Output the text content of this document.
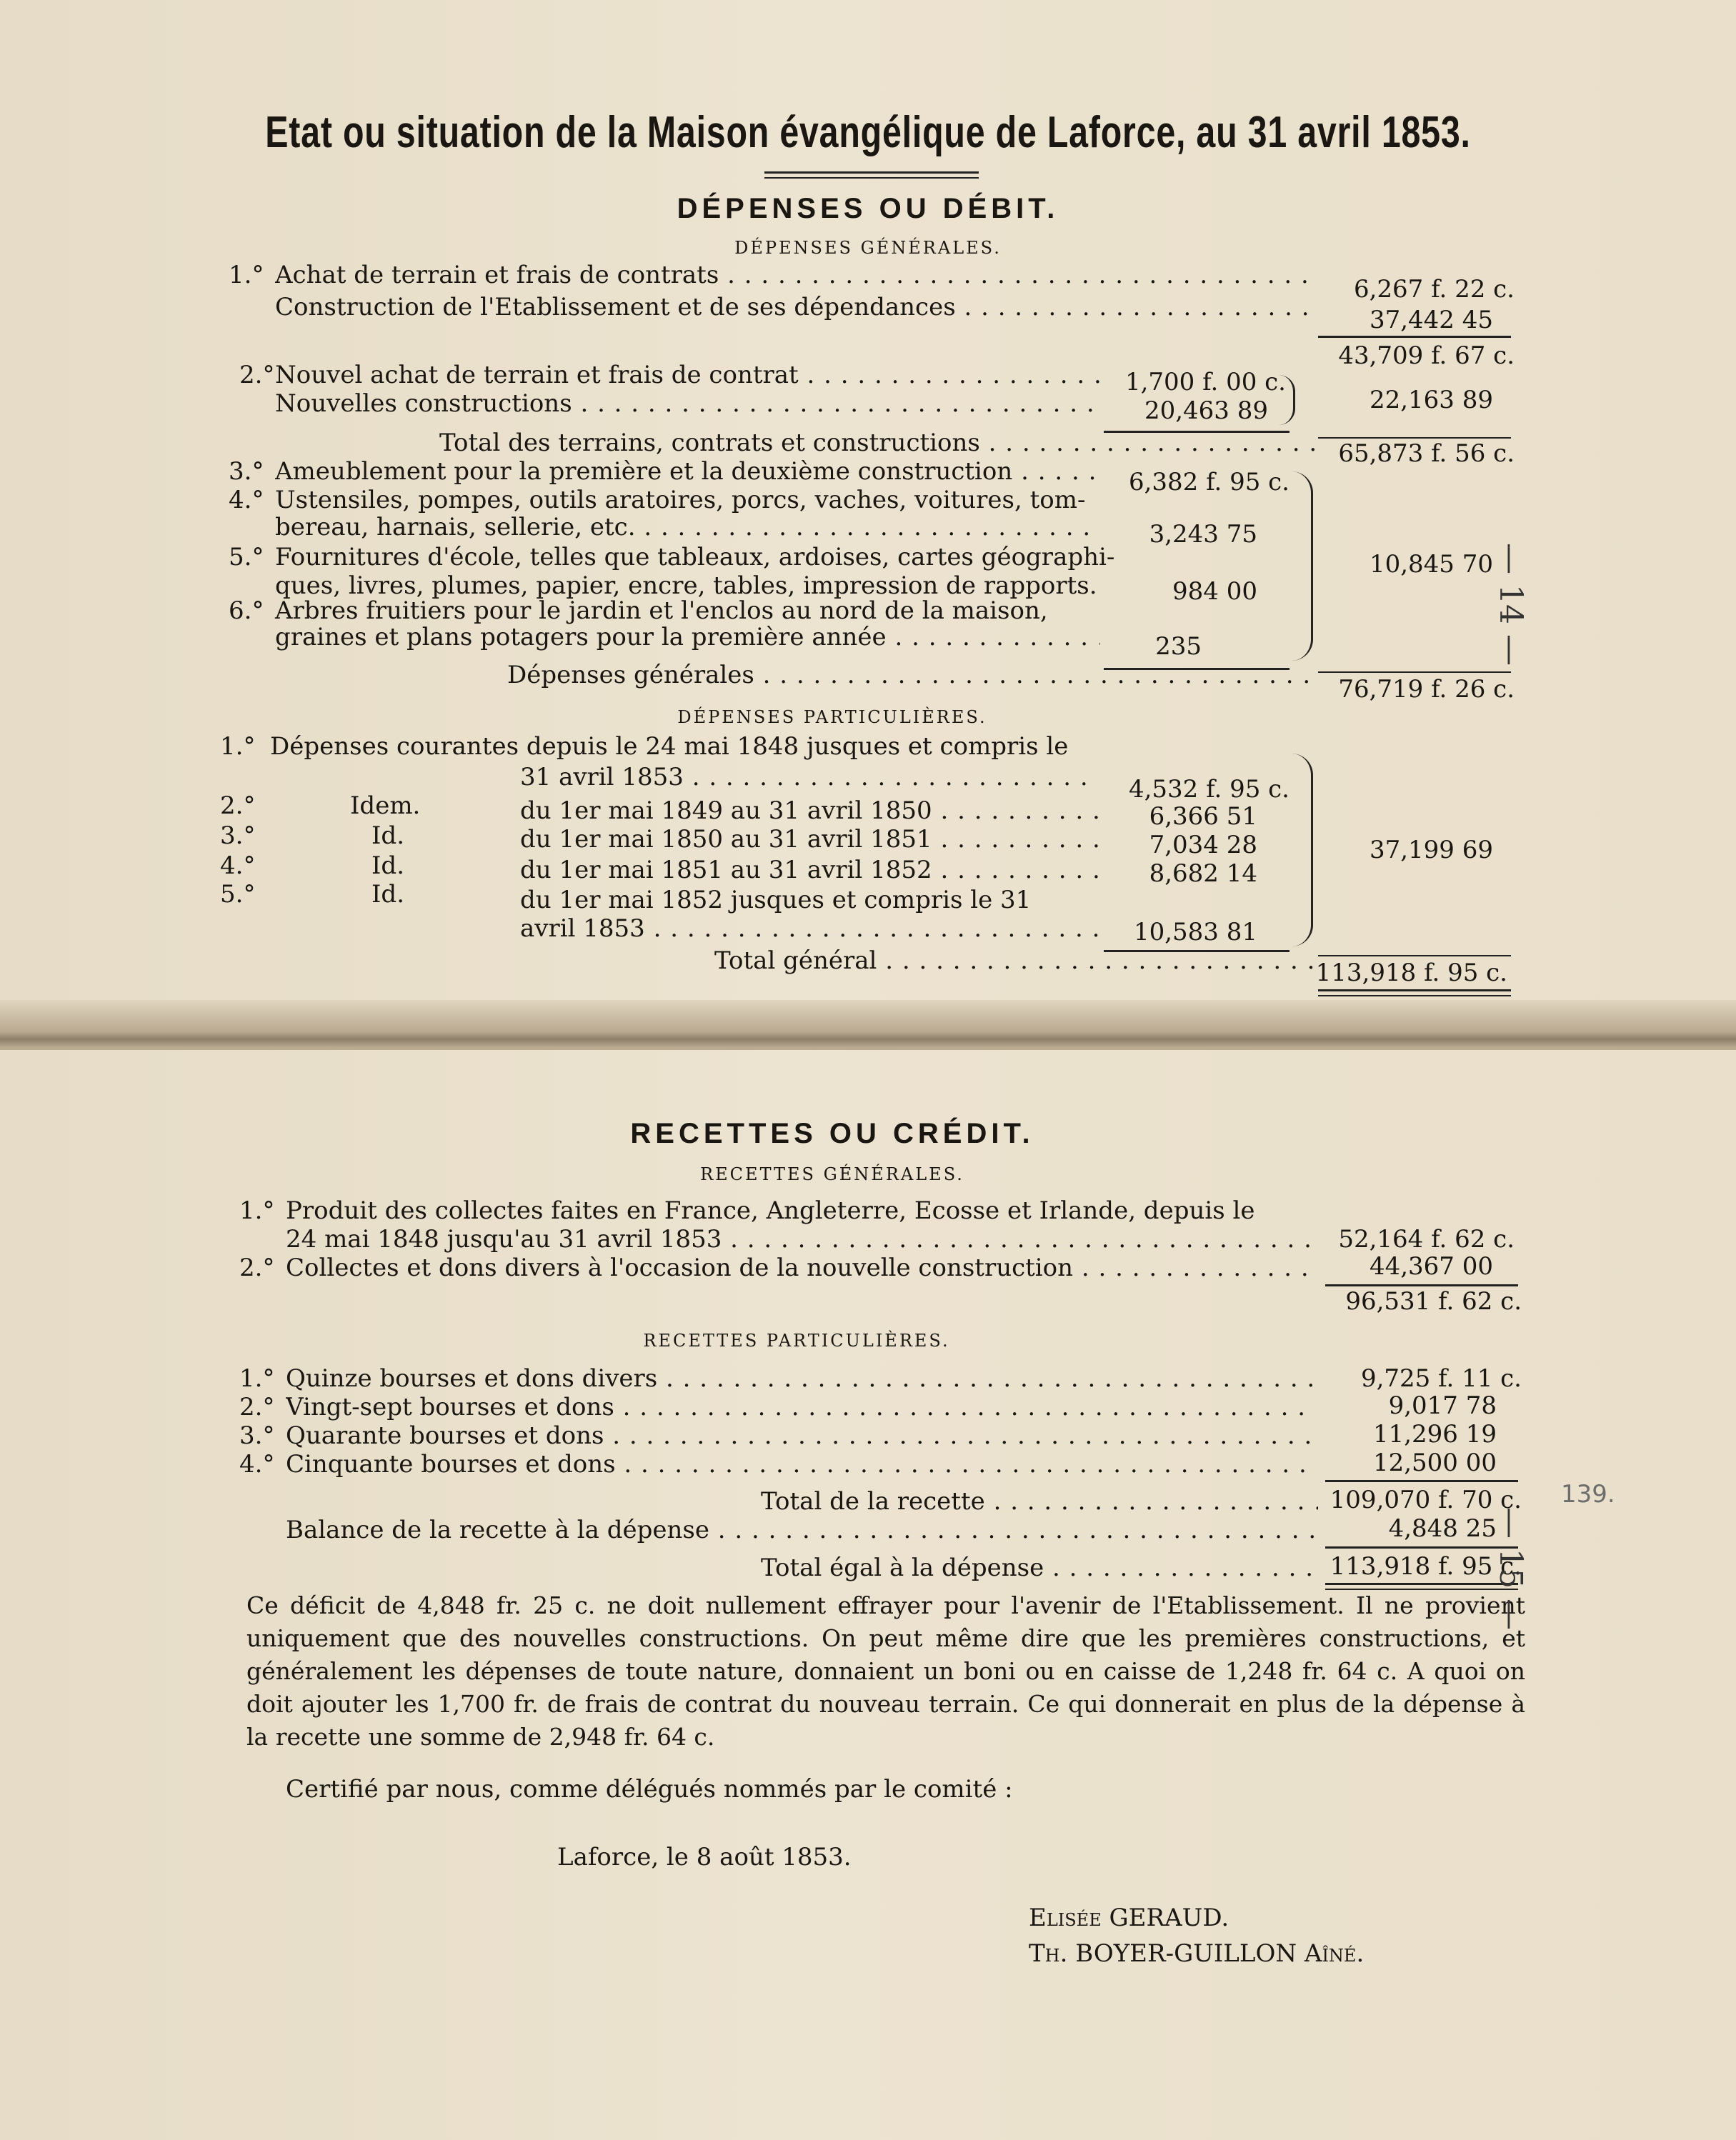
Etat ou situation de la Maison évangélique de Laforce, au 31 avril 1853.
DÉPENSES OU DÉBIT.
DÉPENSES GÉNÉRALES.
1.° Achat de terrain et frais de contrats . . .	6,267 f. 22 c.
Construction de l'Etablissement et de ses dépendances . . .	37,442 45
43,709 f. 67 c.
2.° Nouvel achat de terrain et frais de contrat . . .	1,700 f. 00 c.
Nouvelles constructions . . .	20,463 89	22,163 89
Total des terrains, contrats et constructions . . .	65,873 f. 56 c.
3.° Ameublement pour la première et la deuxième construction . . .	6,382 f. 95 c.
4.° Ustensiles, pompes, outils aratoires, porcs, vaches, voitures, tom-
bereau, harnais, sellerie, etc. . . .	3,243 75
5.° Fournitures d'école, telles que tableaux, ardoises, cartes géographi-
ques, livres, plumes, papier, encre, tables, impression de rapports.	984 00
6.° Arbres fruitiers pour le jardin et l'enclos au nord de la maison,
graines et plans potagers pour la première année . . .	235
10,845 70
Dépenses générales . . .	76,719 f. 26 c.
DÉPENSES PARTICULIÈRES.
1.° Dépenses courantes depuis le 24 mai 1848 jusques et compris le
31 avril 1853 . . .	4,532 f. 95 c.
2.°	Idem.	du 1er mai 1849 au 31 avril 1850 . . .	6,366 51
3.°	Id.	du 1er mai 1850 au 31 avril 1851 . . .	7,034 28
4.°	Id.	du 1er mai 1851 au 31 avril 1852 . . .	8,682 14
5.°	Id.	du 1er mai 1852 jusques et compris le 31
avril 1853 . . .	10,583 81
37,199 69
Total général . . .	113,918 f. 95 c.
— 14 —
RECETTES OU CRÉDIT.
RECETTES GÉNÉRALES.
1.° Produit des collectes faites en France, Angleterre, Ecosse et Irlande, depuis le
24 mai 1848 jusqu'au 31 avril 1853 . . .	52,164 f. 62 c.
2.° Collectes et dons divers à l'occasion de la nouvelle construction . . .	44,367 00
96,531 f. 62 c.
RECETTES PARTICULIÈRES.
1.° Quinze bourses et dons divers . . .	9,725 f. 11 c.
2.° Vingt-sept bourses et dons . . .	9,017 78
3.° Quarante bourses et dons . . .	11,296 19
4.° Cinquante bourses et dons . . .	12,500 00
Total de la recette . . .	109,070 f. 70 c.
Balance de la recette à la dépense . . .	4,848 25
Total égal à la dépense . . .	113,918 f. 95 c.
Ce déficit de 4,848 fr. 25 c. ne doit nullement effrayer pour l'avenir de l'Etablissement. Il ne provient uniquement que des nouvelles constructions. On peut même dire que les premières constructions, et généralement les dépenses de toute nature, donnaient un boni ou en caisse de 1,248 fr. 64 c. A quoi on doit ajouter les 1,700 fr. de frais de contrat du nouveau terrain. Ce qui donnerait en plus de la dépense à la recette une somme de 2,948 fr. 64 c.
Certifié par nous, comme délégués nommés par le comité :
Laforce, le 8 août 1853.
Elisée GERAUD.
Th. BOYER-GUILLON Aîné.
— 15 —
139.
